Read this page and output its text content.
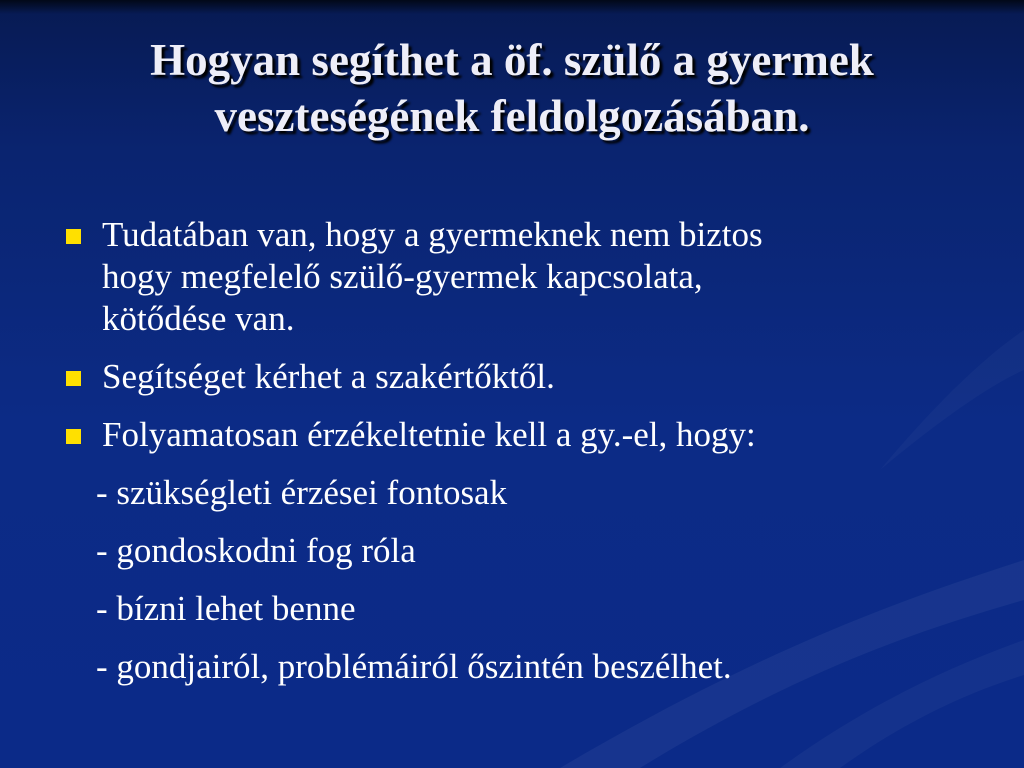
Hogyan segíthet a öf. szülő a gyermek
veszteségének feldolgozásában.
Tudatában van, hogy a gyermeknek nem biztos
hogy megfelelő szülő-gyermek kapcsolata,
kötődése van.
Segítséget kérhet a szakértőktől.
Folyamatosan érzékeltetnie kell a gy.-el, hogy:
- szükségleti érzései fontosak
- gondoskodni fog róla
- bízni lehet benne
- gondjairól, problémáiról őszintén beszélhet.
